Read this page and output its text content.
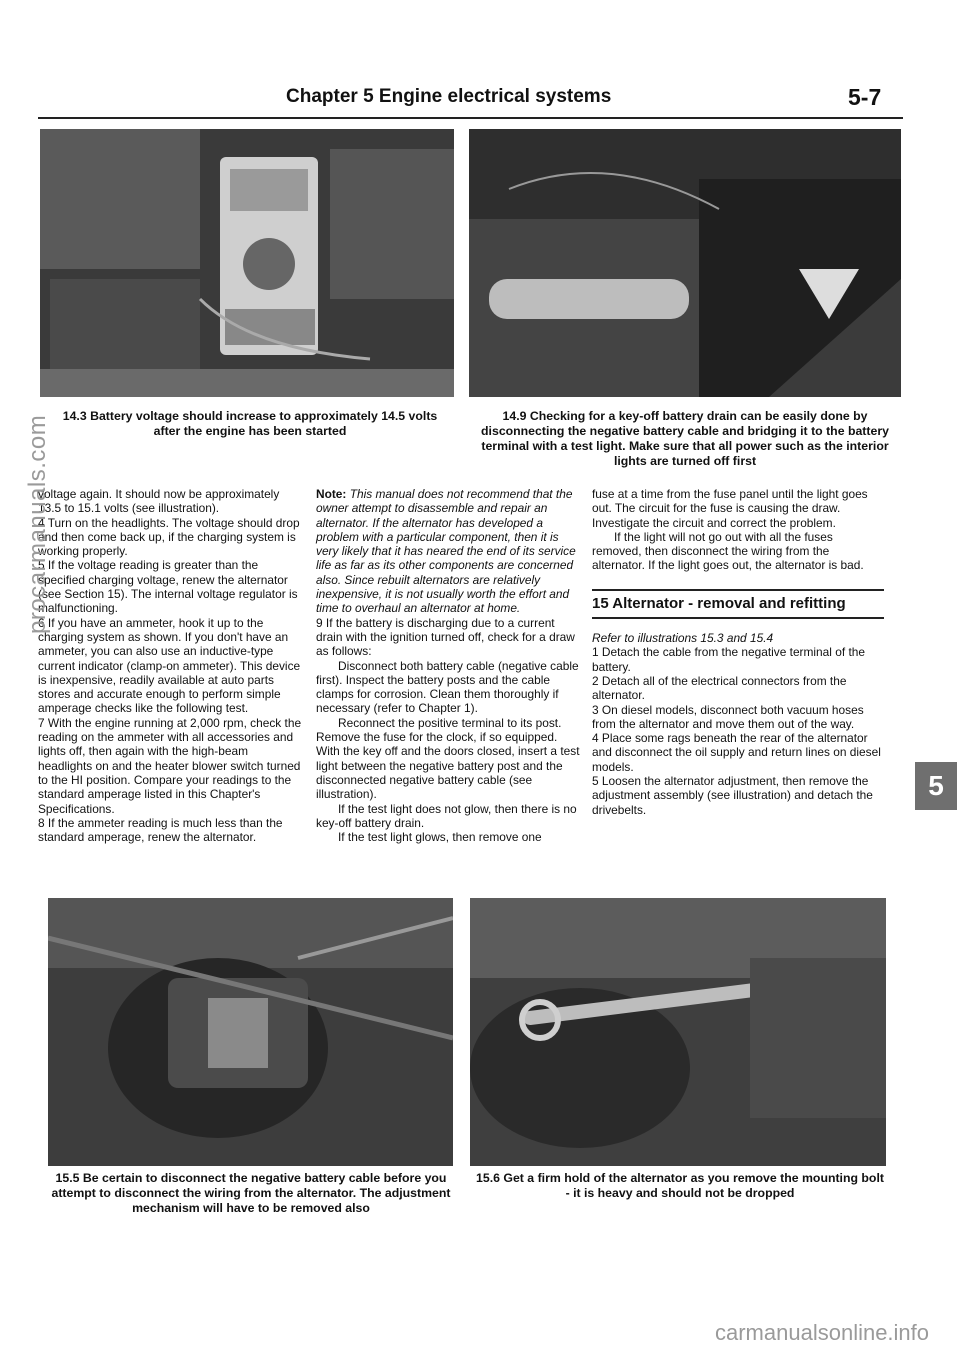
Chapter 5 Engine electrical systems	5-7
14.3 Battery voltage should increase to approximately 14.5 volts after the engine has been started
14.9 Checking for a key-off battery drain can be easily done by disconnecting the negative battery cable and bridging it to the battery terminal with a test light. Make sure that all power such as the interior lights are turned off first

voltage again. It should now be approximately 13.5 to 15.1 volts (see illustration).

4 Turn on the headlights. The voltage should drop and then come back up, if the charging system is working properly.

5 If the voltage reading is greater than the specified charging voltage, renew the alternator (see Section 15). The internal voltage regulator is malfunctioning.

6 If you have an ammeter, hook it up to the charging system as shown. If you don't have an ammeter, you can also use an inductive-type current indicator (clamp-on ammeter). This device is inexpensive, readily available at auto parts stores and accurate enough to perform simple amperage checks like the following test.

7 With the engine running at 2,000 rpm, check the reading on the ammeter with all accessories and lights off, then again with the high-beam headlights on and the heater blower switch turned to the HI position. Compare your readings to the standard amperage listed in this Chapter's Specifications.

8 If the ammeter reading is much less than the standard amperage, renew the alternator.

Note: This manual does not recommend that the owner attempt to disassemble and repair an alternator. If the alternator has developed a problem with a particular component, then it is very likely that it has neared the end of its service life as far as its other components are concerned also. Since rebuilt alternators are relatively inexpensive, it is not usually worth the effort and time to overhaul an alternator at home.

9 If the battery is discharging due to a current drain with the ignition turned off, check for a draw as follows:

Disconnect both battery cable (negative cable first). Inspect the battery posts and the cable clamps for corrosion. Clean them thoroughly if necessary (refer to Chapter 1).

Reconnect the positive terminal to its post. Remove the fuse for the clock, if so equipped. With the key off and the doors closed, insert a test light between the negative battery post and the disconnected negative battery cable (see illustration).

If the test light does not glow, then there is no key-off battery drain.

If the test light glows, then remove one

fuse at a time from the fuse panel until the light goes out. The circuit for the fuse is causing the draw. Investigate the circuit and correct the problem.

If the light will not go out with all the fuses removed, then disconnect the wiring from the alternator. If the light goes out, the alternator is bad.

15 Alternator - removal and refitting

Refer to illustrations 15.3 and 15.4

1 Detach the cable from the negative terminal of the battery.

2 Detach all of the electrical connectors from the alternator.

3 On diesel models, disconnect both vacuum hoses from the alternator and move them out of the way.

4 Place some rags beneath the rear of the alternator and disconnect the oil supply and return lines on diesel models.

5 Loosen the alternator adjustment, then remove the adjustment assembly (see illustration) and detach the drivebelts.

15.5 Be certain to disconnect the negative battery cable before you attempt to disconnect the wiring from the alternator. The adjustment mechanism will have to be removed also
15.6 Get a firm hold of the alternator as you remove the mounting bolt - it is heavy and should not be dropped
5
procarmanuals.com
carmanualsonline.info
